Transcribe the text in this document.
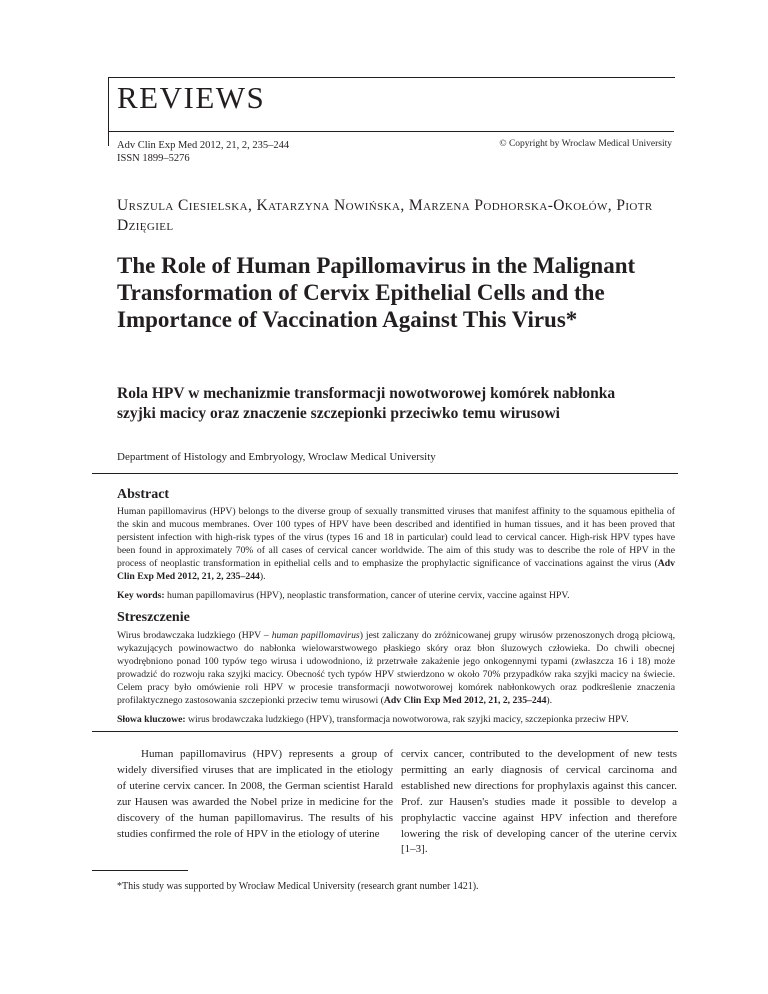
REVIEWS
Adv Clin Exp Med 2012, 21, 2, 235–244
ISSN 1899–5276
© Copyright by Wroclaw Medical University
Urszula Ciesielska, Katarzyna Nowińska, Marzena Podhorska-Okołów, Piotr Dzięgiel
The Role of Human Papillomavirus in the Malignant Transformation of Cervix Epithelial Cells and the Importance of Vaccination Against This Virus*
Rola HPV w mechanizmie transformacji nowotworowej komórek nabłonka szyjki macicy oraz znaczenie szczepionki przeciwko temu wirusowi
Department of Histology and Embryology, Wroclaw Medical University
Abstract

Human papillomavirus (HPV) belongs to the diverse group of sexually transmitted viruses that manifest affinity to the squamous epithelia of the skin and mucous membranes. Over 100 types of HPV have been described and identified in human tissues, and it has been proved that persistent infection with high-risk types of the virus (types 16 and 18 in particular) could lead to cervical cancer. High-risk HPV types have been found in approximately 70% of all cases of cervical cancer worldwide. The aim of this study was to describe the role of HPV in the process of neoplastic transformation in epithelial cells and to emphasize the prophylactic significance of vaccinations against the virus (Adv Clin Exp Med 2012, 21, 2, 235–244).

Key words: human papillomavirus (HPV), neoplastic transformation, cancer of uterine cervix, vaccine against HPV.

Streszczenie

Wirus brodawczaka ludzkiego (HPV – human papillomavirus) jest zaliczany do zróżnicowanej grupy wirusów przenoszonych drogą płciową, wykazujących powinowactwo do nabłonka wielowarstwowego płaskiego skóry oraz błon śluzowych człowieka. Do chwili obecnej wyodrębniono ponad 100 typów tego wirusa i udowodniono, iż przetrwałe zakażenie jego onkogennymi typami (zwłaszcza 16 i 18) może prowadzić do rozwoju raka szyjki macicy. Obecność tych typów HPV stwierdzono w około 70% przypadków raka szyjki macicy na świecie. Celem pracy było omówienie roli HPV w procesie transformacji nowotworowej komórek nabłonkowych oraz podkreślenie znaczenia profilaktycznego zastosowania szczepionki przeciw temu wirusowi (Adv Clin Exp Med 2012, 21, 2, 235–244).

Słowa kluczowe: wirus brodawczaka ludzkiego (HPV), transformacja nowotworowa, rak szyjki macicy, szczepionka przeciw HPV.

Human papillomavirus (HPV) represents a group of widely diversified viruses that are implicated in the etiology of uterine cervix cancer. In 2008, the German scientist Harald zur Hausen was awarded the Nobel prize in medicine for the discovery of the human papillomavirus. The results of his studies confirmed the role of HPV in the etiology of uterine

cervix cancer, contributed to the development of new tests permitting an early diagnosis of cervical carcinoma and established new directions for prophylaxis against this cancer. Prof. zur Hausen's studies made it possible to develop a prophylactic vaccine against HPV infection and therefore lowering the risk of developing cancer of the uterine cervix [1–3].

*This study was supported by Wrocław Medical University (research grant number 1421).
